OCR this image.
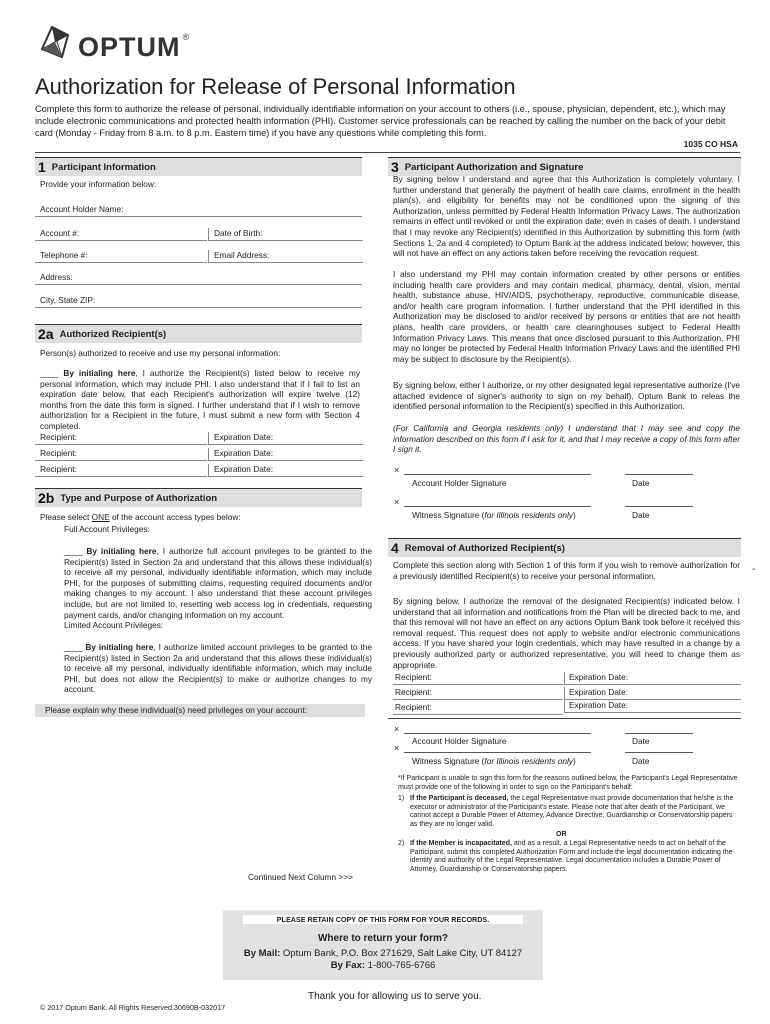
OPTUM ®
Authorization for Release of Personal Information
Complete this form to authorize the release of personal, individually identifiable information on your account to others (i.e., spouse, physician, dependent, etc.), which may include electronic communications and protected health information (PHI). Customer service professionals can be reached by calling the number on the back of your debit card (Monday - Friday from 8 a.m. to 8 p.m. Eastern time) if you have any questions while completing this form.
1035 CO HSA
1 Participant Information
Provide your information below:
Account Holder Name:
Account #:	Date of Birth:
Telephone #:	Email Address:
Address:
City, State ZIP:
2a Authorized Recipient(s)
Person(s) authorized to receive and use my personal information:
____ By initialing here, I authorize the Recipient(s) listed below to receive my personal information, which may include PHI. I also understand that if I fail to list an expiration date below, that each Recipient's authorization will expire twelve (12) months from the date this form is signed. I further understand that if I wish to remove authorization for a Recipient in the future, I must submit a new form with Section 4 completed.
Recipient:	Expiration Date:
Recipient:	Expiration Date:
Recipient:	Expiration Date:
2b Type and Purpose of Authorization
Please select ONE of the account access types below:
Full Account Privileges:
____ By initialing here, I authorize full account privileges to be granted to the Recipient(s) listed in Section 2a and understand that this allows these individual(s) to receive all my personal, individually identifiable information, which may include PHI, for the purposes of submitting claims, requesting required documents and/or making changes to my account. I also understand that these account privileges include, but are not limited to, resetting web access log in credentials, requesting payment cards, and/or changing information on my account.
Limited Account Privileges:
____ By initialing here, I authorize limited account privileges to be granted to the Recipient(s) listed in Section 2a and understand that this allows these individual(s) to receive all my personal, individually identifiable information, which may include PHI, but does not allow the Recipient(s) to make or authorize changes to my account.
Please explain why these individual(s) need privileges on your account:
Continued Next Column >>>
3 Participant Authorization and Signature
By signing below I understand and agree that this Authorization is completely voluntary. I further understand that generally the payment of health care claims, enrollment in the health plan(s), and eligibility for benefits may not be conditioned upon the signing of this Authorization, unless permitted by Federal Health Information Privacy Laws. The authorization remains in effect until revoked or until the expiration date; even in cases of death. I understand that I may revoke any Recipient(s) identified in this Authorization by submitting this form (with Sections 1, 2a and 4 completed) to Optum Bank at the address indicated below; however, this will not have an effect on any actions taken before receiving the revocation request.
I also understand my PHI may contain information created by other persons or entities including health care providers and may contain medical, pharmacy, dental, vision, mental health, substance abuse, HIV/AIDS, psychotherapy, reproductive, communicable disease, and/or health care program information. I further understand that the PHI identified in this Authorization may be disclosed to and/or received by persons or entities that are not health plans, health care providers, or health care clearinghouses subject to Federal Health Information Privacy Laws. This means that once disclosed pursuant to this Authorization, PHI may no longer be protected by Federal Health Information Privacy Laws and the identified PHI may be subject to disclosure by the Recipient(s).
By signing below, either I authorize, or my other designated legal representative authorize (I've attached evidence of signer's authority to sign on my behalf), Optum Bank to releas the identified personal information to the Recipient(s) specified in this Authorization.
(For California and Georgia residents only) I understand that I may see and copy the information described on this form if I ask for it, and that I may receive a copy of this form after I sign it.
×
Account Holder Signature	Date
×
Witness Signature (for Illinois residents only)	Date
4 Removal of Authorized Recipient(s)
Complete this section along with Section 1 of this form if you wish to remove authorization for a previously identified Recipient(s) to receive your personal information.
By signing below, I authorize the removal of the designated Recipient(s) indicated below. I understand that all information and notifications from the Plan will be directed back to me, and that this removal will not have an effect on any actions Optum Bank took before it received this removal request. This request does not apply to website and/or electronic communications access. If you have shared your login credentials, which may have resulted in a change by a previously authorized party or authorized representative, you will need to change them as appropriate.
Recipient:	Expiration Date:
Recipient:	Expiration Date:
Recipient:	Expiration Date:
×
Account Holder Signature	Date
×
Witness Signature (for Illinois residents only)	Date
*If Participant is unable to sign this form for the reasons outlined below, the Participant's Legal Representative must provide one of the following in order to sign on the Participant's behalf:
1) If the Participant is deceased, the Legal Representative must provide documentation that he/she is the executor or administrator of the Participant's estate. Please note that after death of the Participant, we cannot accept a Durable Power of Attorney, Advance Directive, Guardianship or Conservatorship papers as they are no longer valid.
OR
2) If the Member is incapacitated, and as a result, a Legal Representative needs to act on behalf of the Participant, submit this completed Authorization Form and include the legal documentation indicating the identity and authority of the Legal Representative. Legal documentation includes a Durable Power of Attorney, Guardianship or Conservatorship papers.
-
PLEASE RETAIN COPY OF THIS FORM FOR YOUR RECORDS.
Where to return your form?
By Mail: Optum Bank, P.O. Box 271629, Salt Lake City, UT 84127
By Fax: 1-800-765-6766
Thank you for allowing us to serve you.
© 2017 Optum Bank. All Rights Reserved.30690B-032017
